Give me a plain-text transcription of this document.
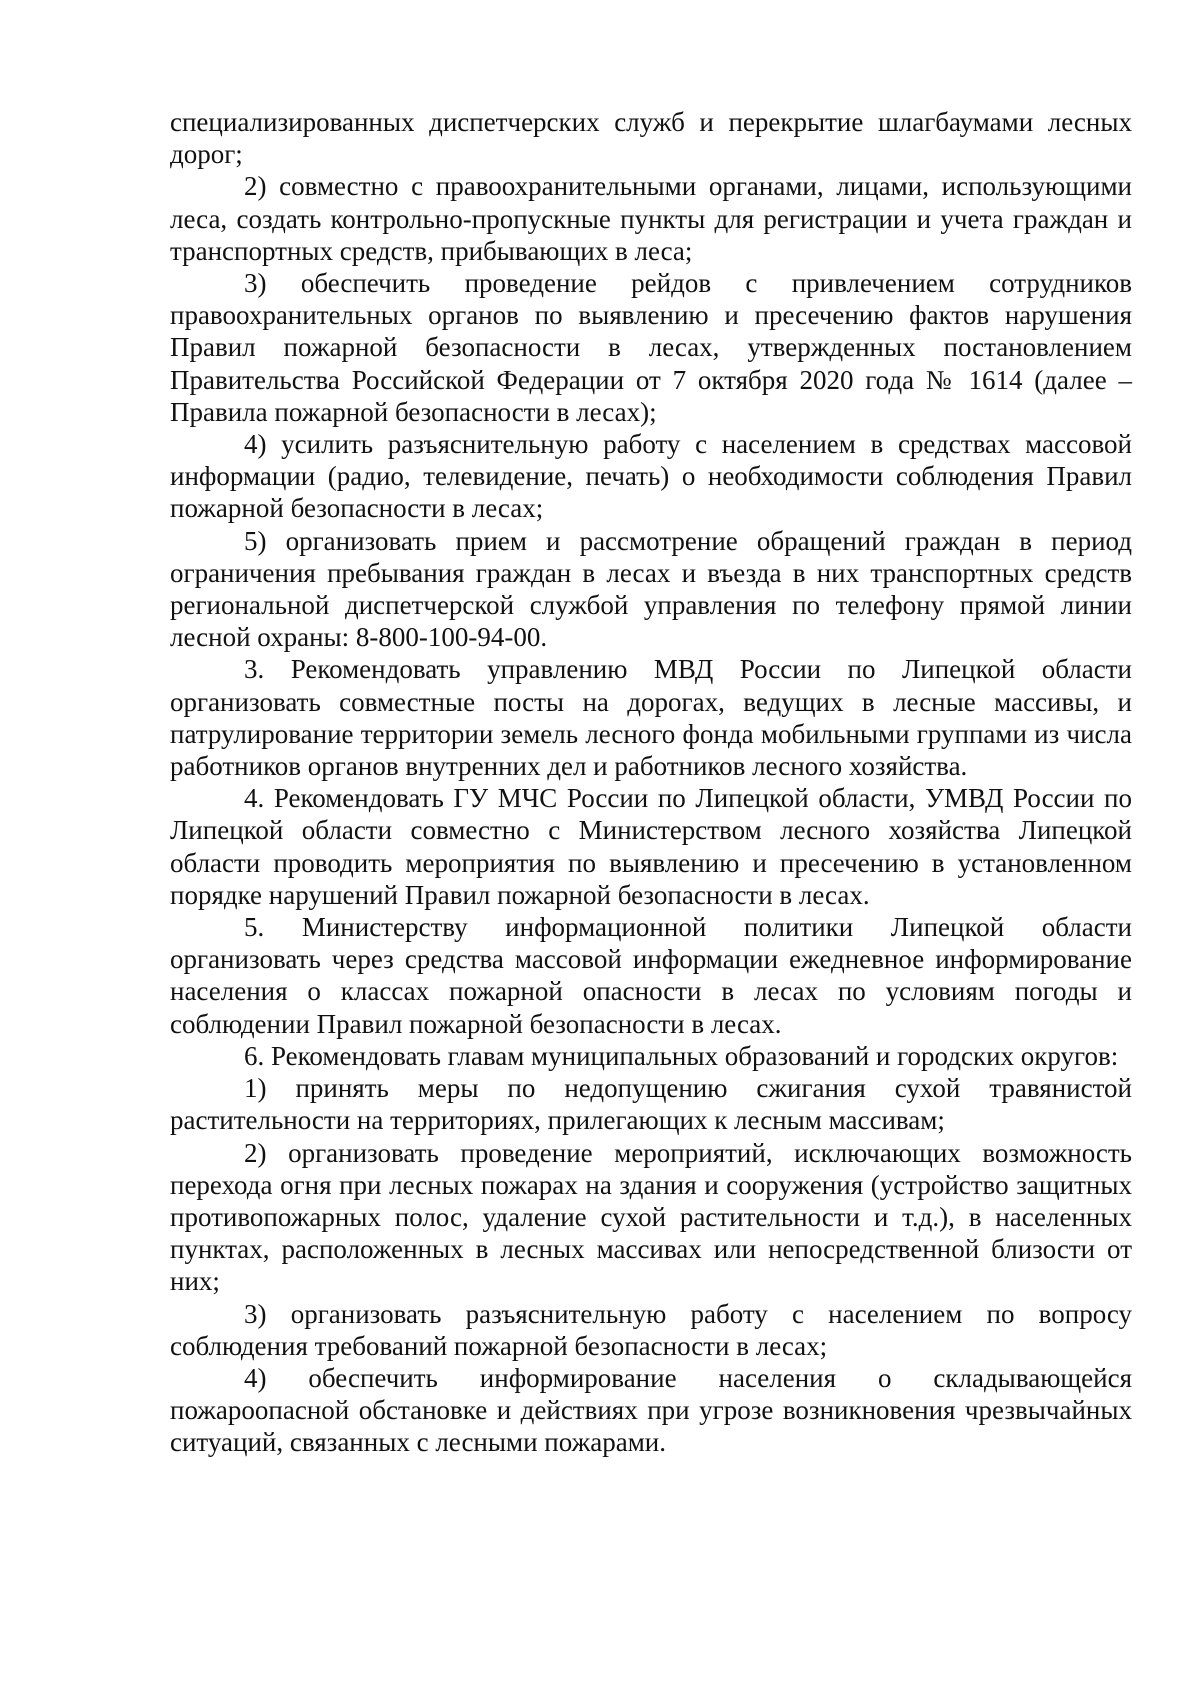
специализированных диспетчерских служб и перекрытие шлагбаумами лесных дорог;

2) совместно с правоохранительными органами, лицами, использующими леса, создать контрольно-пропускные пункты для регистрации и учета граждан и транспортных средств, прибывающих в леса;

3) обеспечить проведение рейдов с привлечением сотрудников правоохранительных органов по выявлению и пресечению фактов нарушения Правил пожарной безопасности в лесах, утвержденных постановлением Правительства Российской Федерации от 7 октября 2020 года № 1614 (далее – Правила пожарной безопасности в лесах);

4) усилить разъяснительную работу с населением в средствах массовой информации (радио, телевидение, печать) о необходимости соблюдения Правил пожарной безопасности в лесах;

5) организовать прием и рассмотрение обращений граждан в период ограничения пребывания граждан в лесах и въезда в них транспортных средств региональной диспетчерской службой управления по телефону прямой линии лесной охраны: 8-800-100-94-00.

3. Рекомендовать управлению МВД России по Липецкой области организовать совместные посты на дорогах, ведущих в лесные массивы, и патрулирование территории земель лесного фонда мобильными группами из числа работников органов внутренних дел и работников лесного хозяйства.

4. Рекомендовать ГУ МЧС России по Липецкой области, УМВД России по Липецкой области совместно с Министерством лесного хозяйства Липецкой области проводить мероприятия по выявлению и пресечению в установленном порядке нарушений Правил пожарной безопасности в лесах.

5. Министерству информационной политики Липецкой области организовать через средства массовой информации ежедневное информирование населения о классах пожарной опасности в лесах по условиям погоды и соблюдении Правил пожарной безопасности в лесах.

6. Рекомендовать главам муниципальных образований и городских округов:

1) принять меры по недопущению сжигания сухой травянистой растительности на территориях, прилегающих к лесным массивам;

2) организовать проведение мероприятий, исключающих возможность перехода огня при лесных пожарах на здания и сооружения (устройство защитных противопожарных полос, удаление сухой растительности и т.д.), в населенных пунктах, расположенных в лесных массивах или непосредственной близости от них;

3) организовать разъяснительную работу с населением по вопросу соблюдения требований пожарной безопасности в лесах;

4) обеспечить информирование населения о складывающейся пожароопасной обстановке и действиях при угрозе возникновения чрезвычайных ситуаций, связанных с лесными пожарами.
